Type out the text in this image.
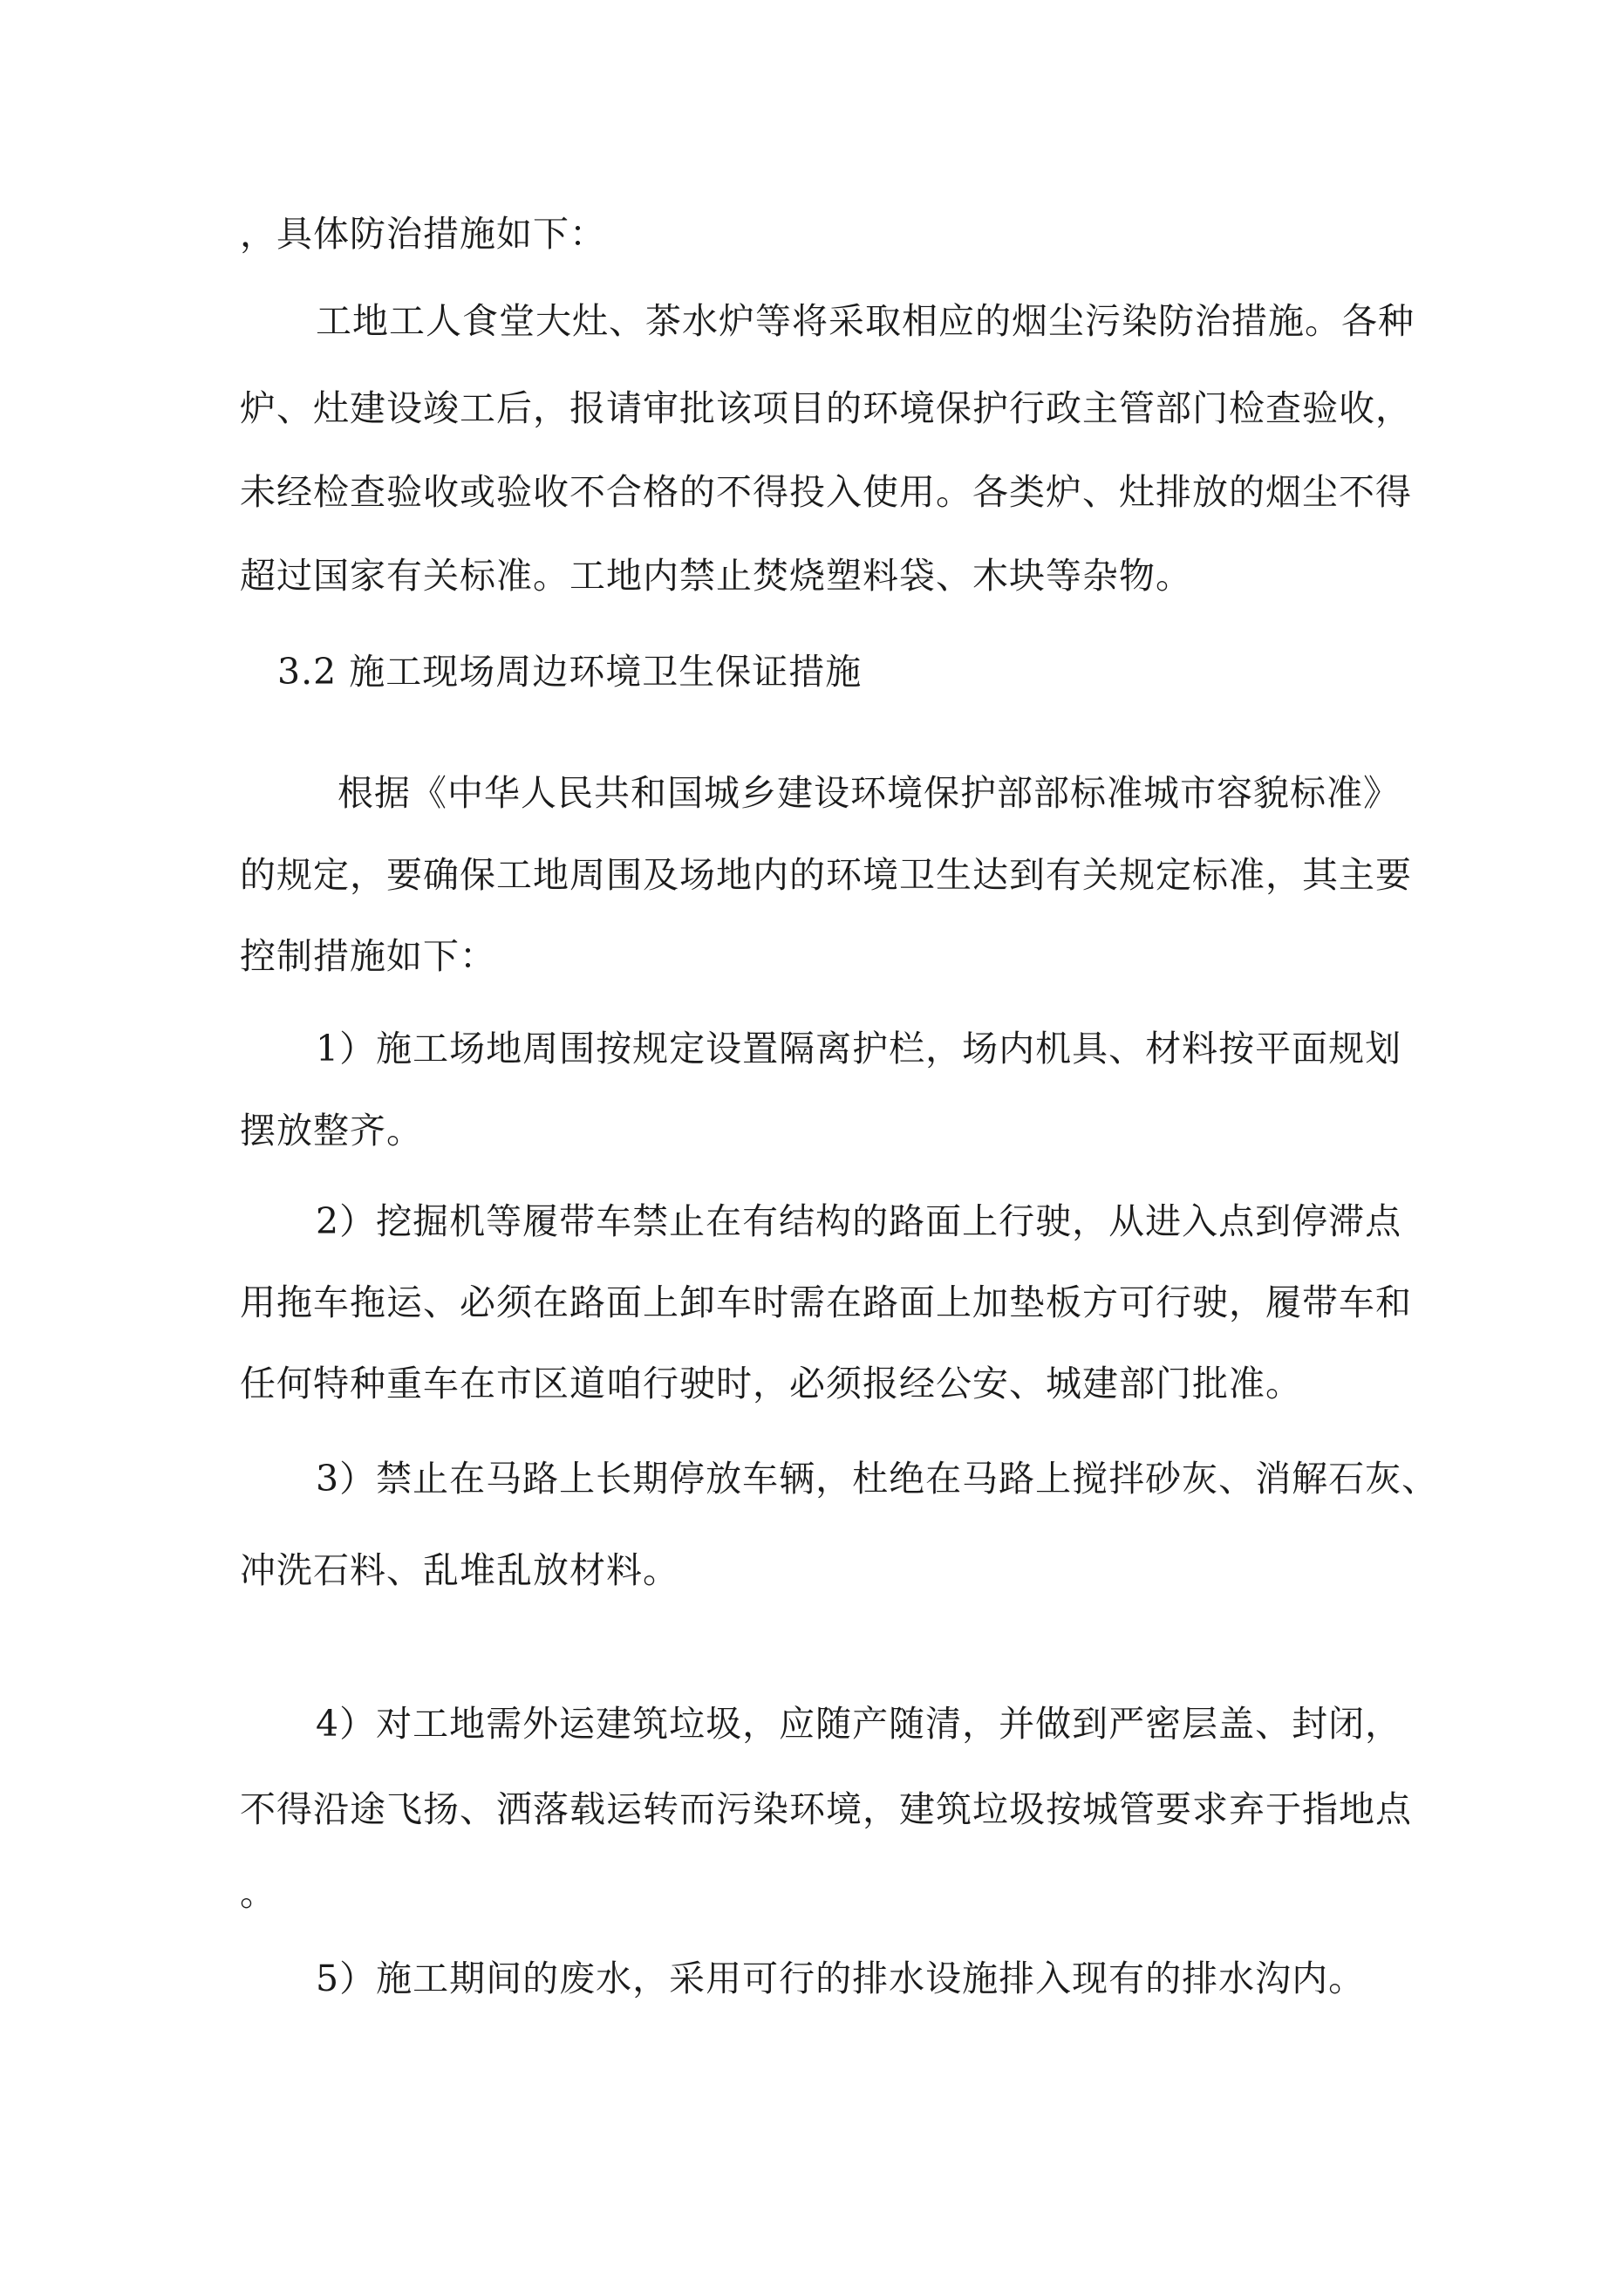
，具体防治措施如下：
工地工人食堂大灶、茶水炉等将采取相应的烟尘污染防治措施。各种
炉、灶建设竣工后，报请审批该项目的环境保护行政主管部门检查验收，
未经检查验收或验收不合格的不得投入使用。各类炉、灶排放的烟尘不得
超过国家有关标准。工地内禁止焚烧塑料袋、木块等杂物。
3.2 施工现场周边环境卫生保证措施
根据《中华人民共和国城乡建设环境保护部部标准城市容貌标准》
的规定，要确保工地周围及场地内的环境卫生达到有关规定标准，其主要
控制措施如下：
1）施工场地周围按规定设置隔离护栏，场内机具、材料按平面规划
摆放整齐。
2）挖掘机等履带车禁止在有结构的路面上行驶，从进入点到停滞点
用拖车拖运、必须在路面上卸车时需在路面上加垫板方可行驶，履带车和
任何特种重车在市区道咱行驶时，必须报经公安、城建部门批准。
3）禁止在马路上长期停放车辆，杜绝在马路上搅拌砂灰、消解石灰、
冲洗石料、乱堆乱放材料。
4）对工地需外运建筑垃圾，应随产随清，并做到严密层盖、封闭，
不得沿途飞扬、洒落载运转而污染环境，建筑垃圾按城管要求弃于指地点
。
5）施工期间的废水，采用可行的排水设施排入现有的排水沟内。
